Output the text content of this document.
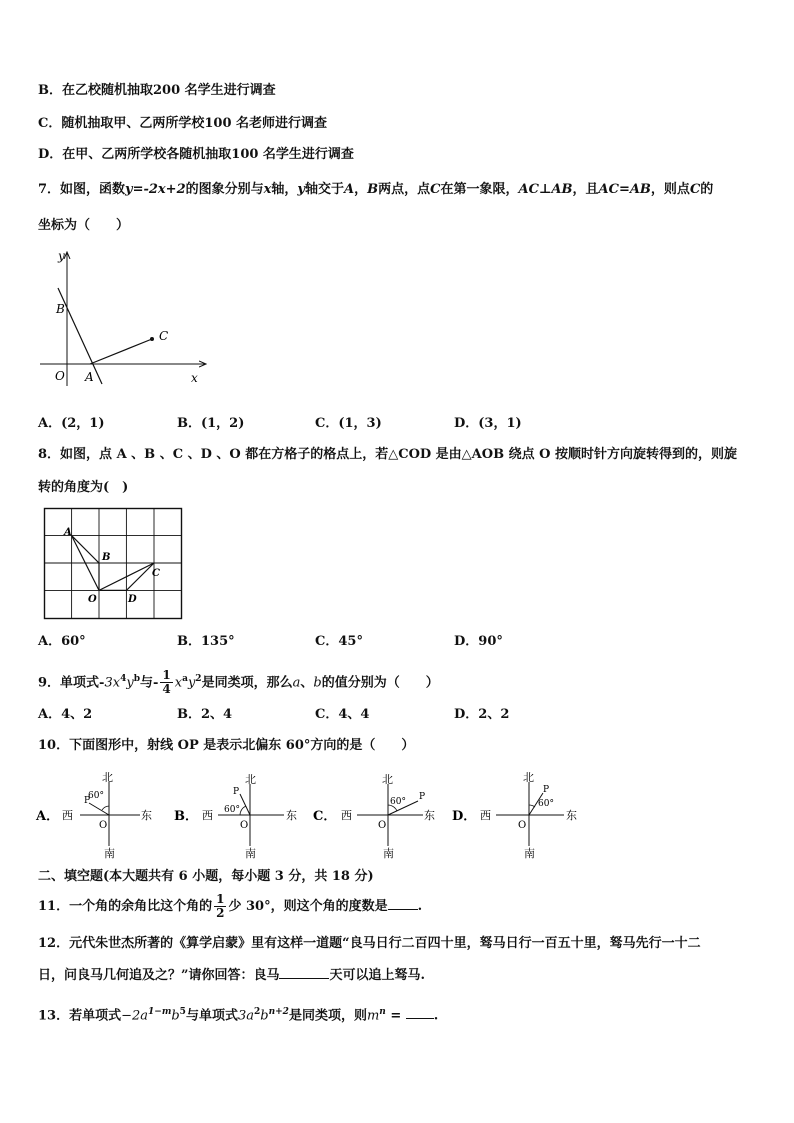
B．在乙校随机抽取200 名学生进行调查
C．随机抽取甲、乙两所学校100 名老师进行调查
D．在甲、乙两所学校各随机抽取100 名学生进行调查
7．如图，函数y=-2x+2的图象分别与x轴，y轴交于A，B两点，点C在第一象限，AC⊥AB，且AC=AB，则点C的
坐标为（　　）
y
B
C
O A	x
A．(2，1)	B．(1，2)	C．(1，3)	D．(3，1)
8．如图，点 A 、B 、C 、D 、O 都在方格子的格点上，若△COD 是由△AOB 绕点 O 按顺时针方向旋转得到的，则旋
转的角度为(　)
A
B
C
O	D
A．60°	B．135°	C．45°	D．90°
9．单项式$-3x^4y^b$与- $\frac{1}{4} x^ay^2$是同类项，那么a、b的值分别为（　　）
A．4、2	B．2、4	C．4、4	D．2、2
10．下面图形中，射线 OP 是表示北偏东 60°方向的是（　　）
A．
北
南
东
西
O
P
60°
B．
北
南
东
西
O
P
60°	C．
北
南
东
西
O
P
60°
D．
北
南
东
西
O
P
60°
二、填空题(本大题共有 6 小题，每小题 3 分，共 18 分)
11．一个角的余角比这个角的 $\frac{1}{2}$ 少 30°，则这个角的度数是 .
12．元代朱世杰所著的《算学启蒙》里有这样一道题“良马日行二百四十里，驽马日行一百五十里，驽马先行一十二
日，问良马几何追及之？”请你回答：良马	天可以追上驽马.
13．若单项式$-2a^{1-m}b^5$与单项式$3a^2b^{n+2}$是同类项，则$m^n$ = .
